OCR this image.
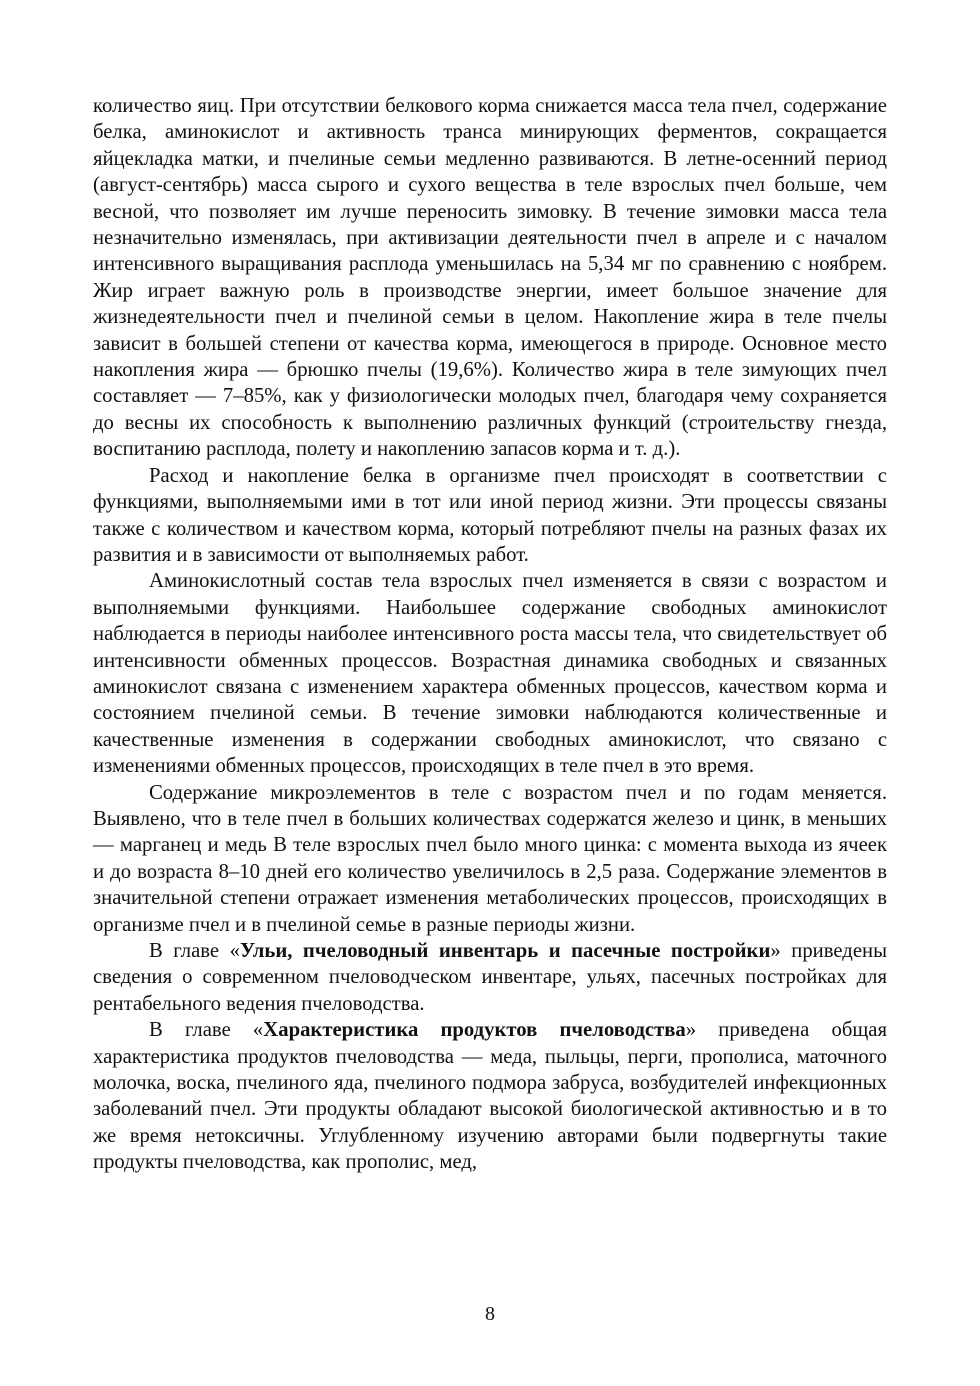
количество яиц. При отсутствии белкового корма снижается масса тела пчел, содержание белка, аминокислот и активность транса минирующих ферментов, сокращается яйцекладка матки, и пчелиные семьи медленно развиваются. В летне-осенний период (август-сентябрь) масса сырого и сухого вещества в теле взрослых пчел больше, чем весной, что позволяет им лучше переносить зимовку. В течение зимовки масса тела незначительно изменялась, при активизации деятельности пчел в апреле и с началом интенсивного выращивания расплода уменьшилась на 5,34 мг по сравнению с ноябрем. Жир играет важную роль в производстве энергии, имеет большое значение для жизнедеятельности пчел и пчелиной семьи в целом. Накопление жира в теле пчелы зависит в большей степени от качества корма, имеющегося в природе. Основное место накопления жира — брюшко пчелы (19,6%). Количество жира в теле зимующих пчел составляет — 7–85%, как у физиологически молодых пчел, благодаря чему сохраняется до весны их способность к выполнению различных функций (строительству гнезда, воспитанию расплода, полету и накоплению запасов корма и т. д.).

Расход и накопление белка в организме пчел происходят в соответствии с функциями, выполняемыми ими в тот или иной период жизни. Эти процессы связаны также с количеством и качеством корма, который потребляют пчелы на разных фазах их развития и в зависимости от выполняемых работ.

Аминокислотный состав тела взрослых пчел изменяется в связи с возрастом и выполняемыми функциями. Наибольшее содержание свободных аминокислот наблюдается в периоды наиболее интенсивного роста массы тела, что свидетельствует об интенсивности обменных процессов. Возрастная динамика свободных и связанных аминокислот связана с изменением характера обменных процессов, качеством корма и состоянием пчелиной семьи. В течение зимовки наблюдаются количественные и качественные изменения в содержании свободных аминокислот, что связано с изменениями обменных процессов, происходящих в теле пчел в это время.

Содержание микроэлементов в теле с возрастом пчел и по годам меняется. Выявлено, что в теле пчел в больших количествах содержатся железо и цинк, в меньших — марганец и медь В теле взрослых пчел было много цинка: с момента выхода из ячеек и до возраста 8–10 дней его количество увеличилось в 2,5 раза. Содержание элементов в значительной степени отражает изменения метаболических процессов, происходящих в организме пчел и в пчелиной семье в разные периоды жизни.

В главе «Ульи, пчеловодный инвентарь и пасечные постройки» приведены сведения о современном пчеловодческом инвентаре, ульях, пасечных постройках для рентабельного ведения пчеловодства.

В главе «Характеристика продуктов пчеловодства» приведена общая характеристика продуктов пчеловодства — меда, пыльцы, перги, прополиса, маточного молочка, воска, пчелиного яда, пчелиного подмора забруса, возбудителей инфекционных заболеваний пчел. Эти продукты обладают высокой биологической активностью и в то же время нетоксичны. Углубленному изучению авторами были подвергнуты такие продукты пчеловодства, как прополис, мед,

8
